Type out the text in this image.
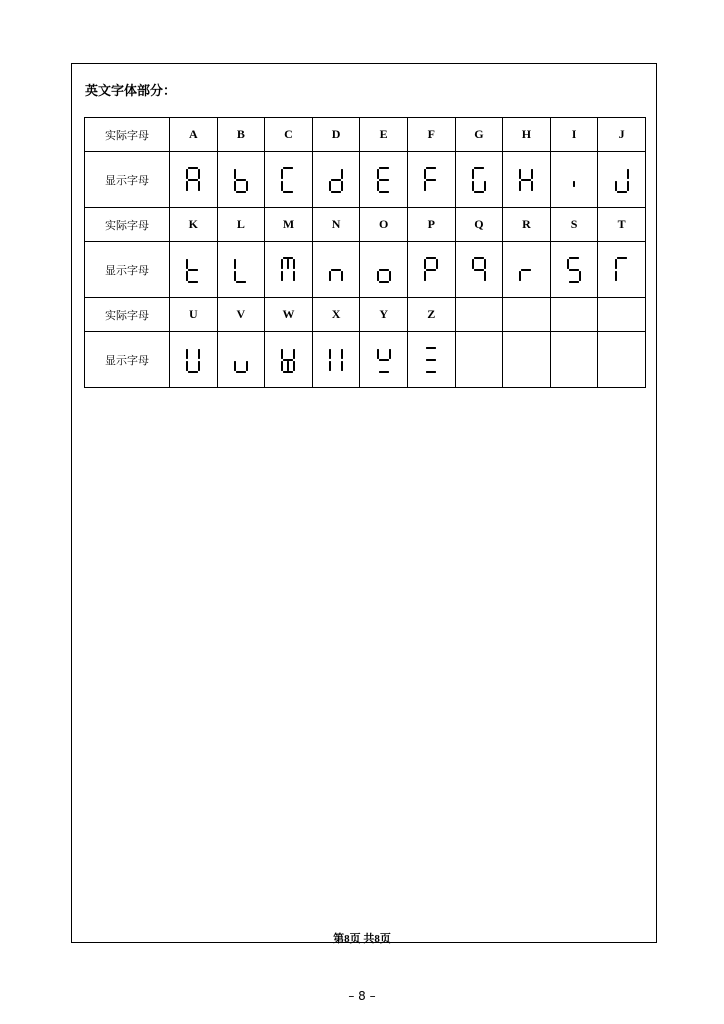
英文字体部分：
实际字母	A	B	C	D	E	F	G	H	I	J
显示字母	

实际字母	K	L	M	N	O	P	Q	R	S	T
显示字母	

实际字母	U	V	W	X	Y	Z				
显示字母	

第8页 共8页
– 8 –
